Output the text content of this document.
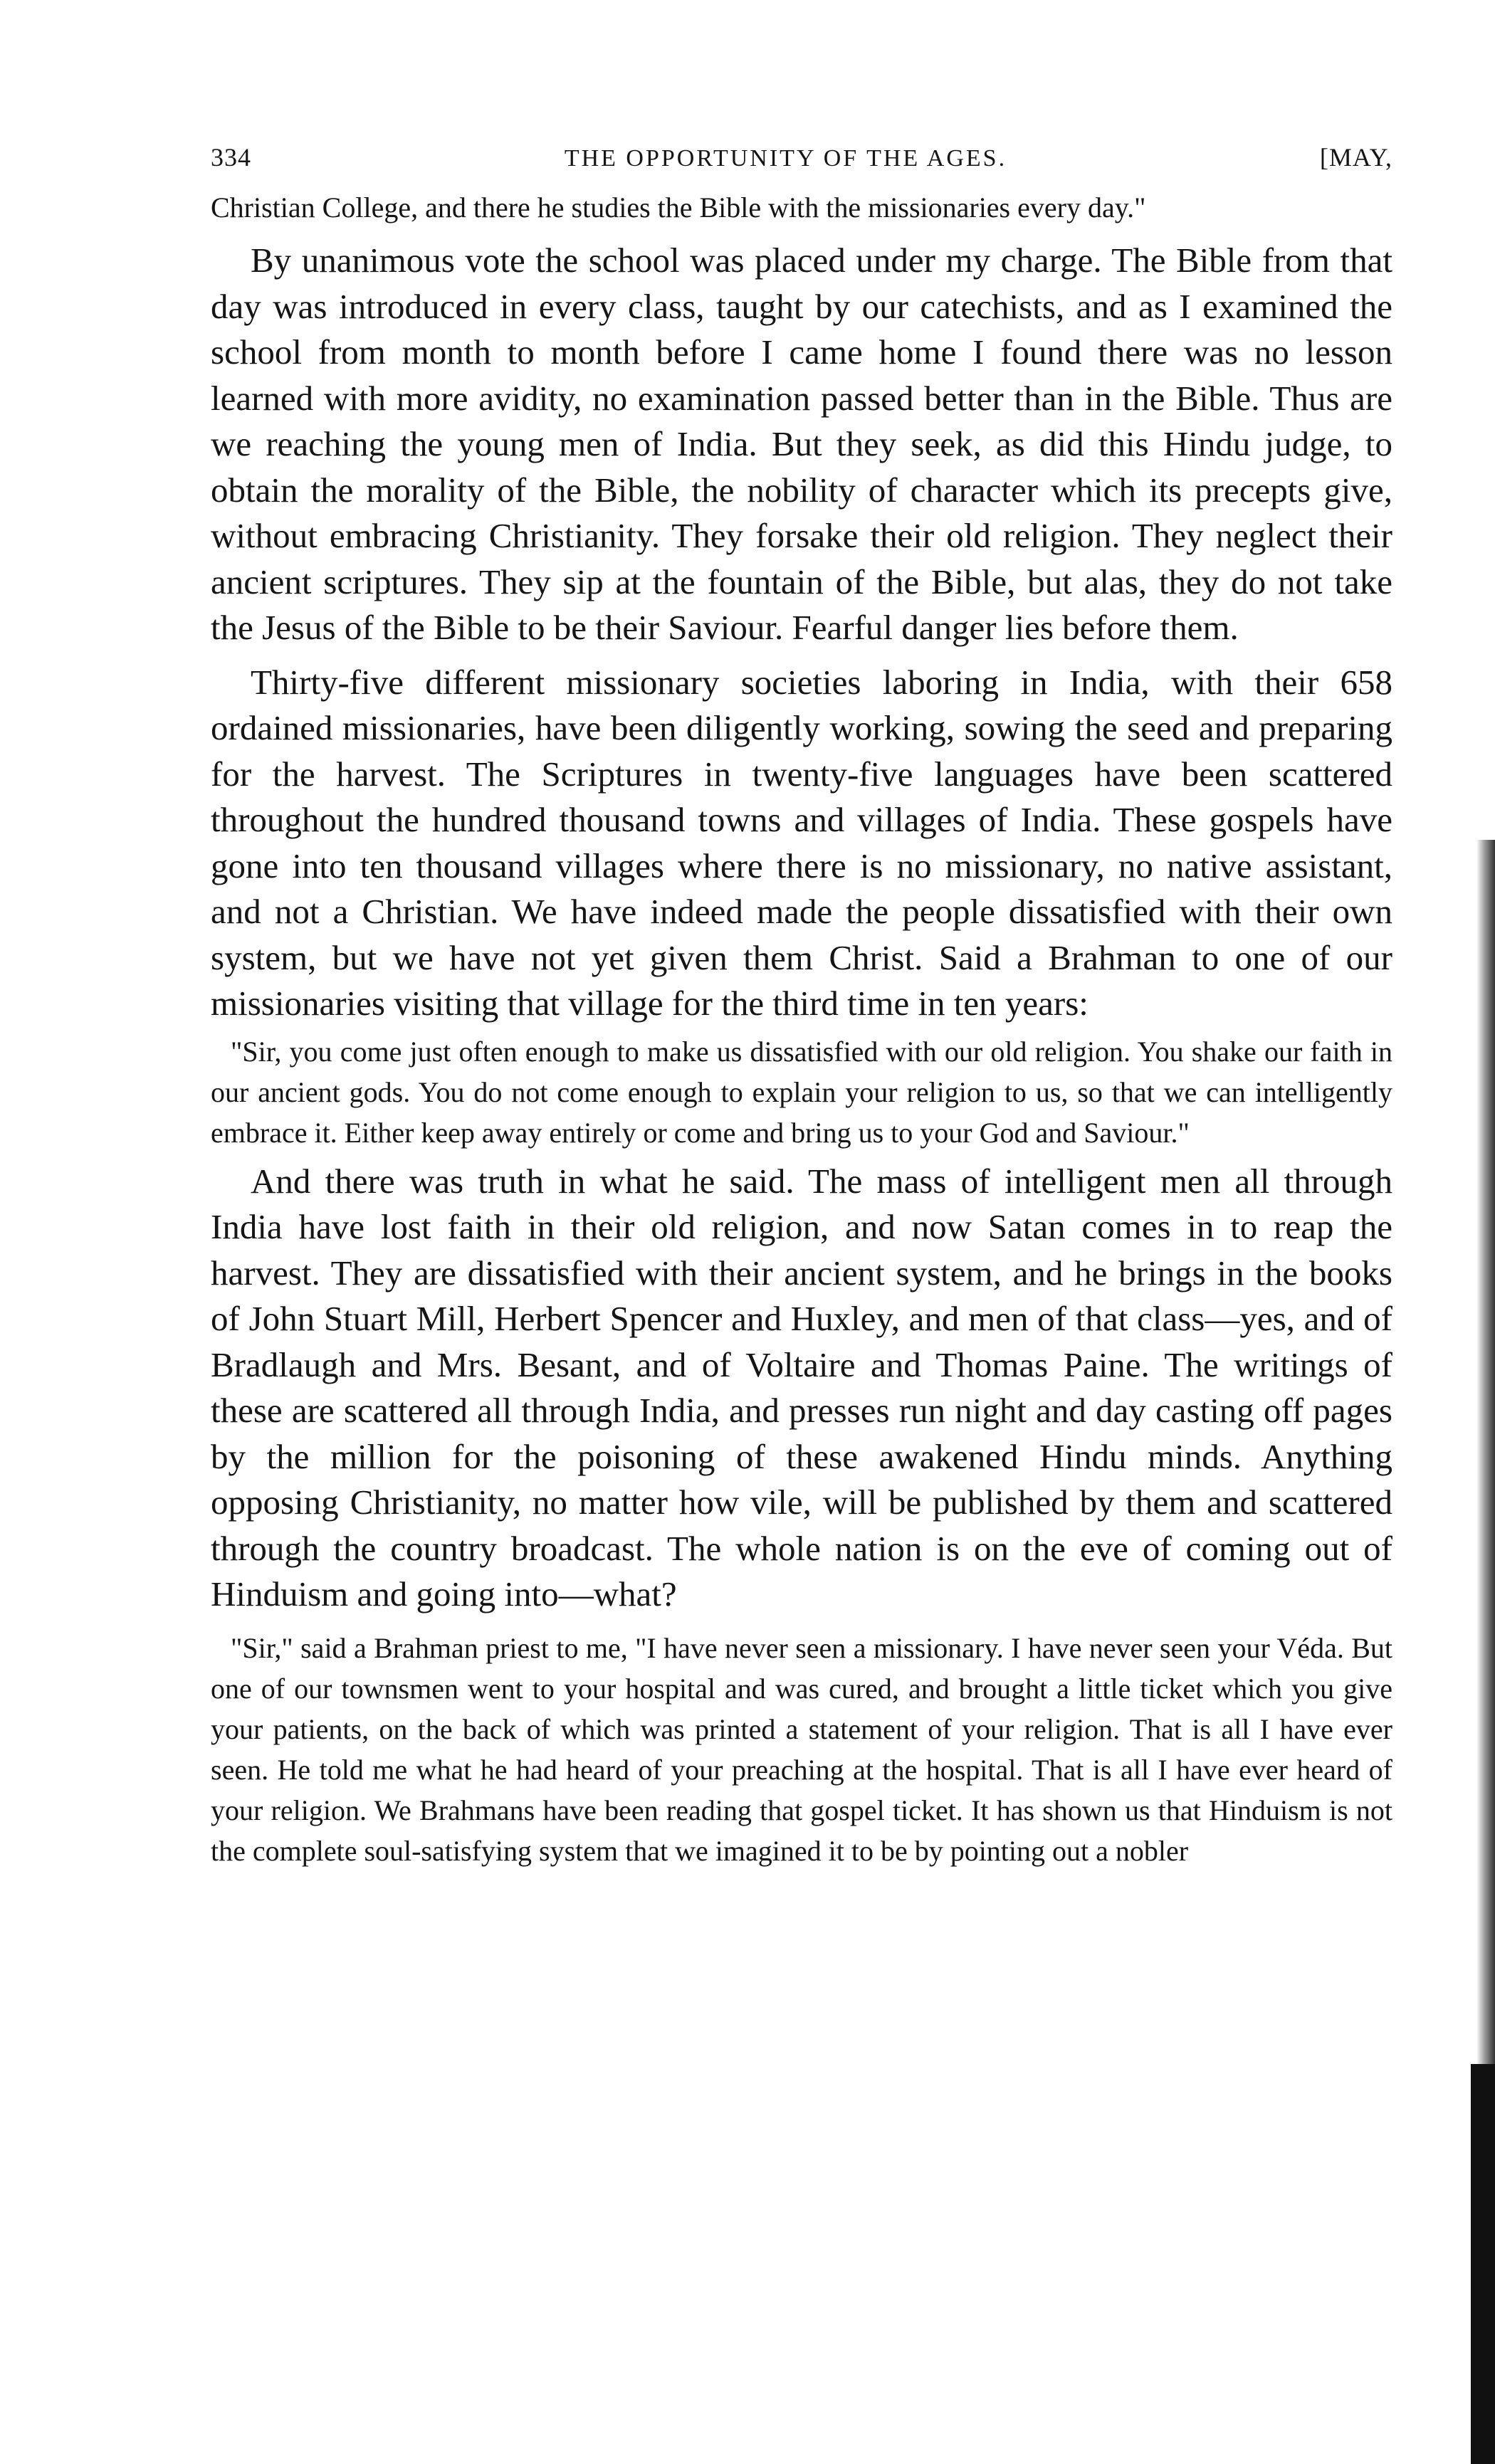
334	THE OPPORTUNITY OF THE AGES.	[MAY,

Christian College, and there he studies the Bible with the missionaries every day."

By unanimous vote the school was placed under my charge. The Bible from that day was introduced in every class, taught by our catechists, and as I examined the school from month to month before I came home I found there was no lesson learned with more avidity, no examination passed better than in the Bible. Thus are we reaching the young men of India. But they seek, as did this Hindu judge, to obtain the morality of the Bible, the nobility of character which its precepts give, without embracing Christianity. They forsake their old religion. They neglect their ancient scriptures. They sip at the fountain of the Bible, but alas, they do not take the Jesus of the Bible to be their Saviour. Fearful danger lies before them.

Thirty-five different missionary societies laboring in India, with their 658 ordained missionaries, have been diligently working, sowing the seed and preparing for the harvest. The Scriptures in twenty-five languages have been scattered throughout the hundred thousand towns and villages of India. These gospels have gone into ten thousand villages where there is no missionary, no native assistant, and not a Christian. We have indeed made the people dissatisfied with their own system, but we have not yet given them Christ. Said a Brahman to one of our missionaries visiting that village for the third time in ten years:

"Sir, you come just often enough to make us dissatisfied with our old religion. You shake our faith in our ancient gods. You do not come enough to explain your religion to us, so that we can intelligently embrace it. Either keep away entirely or come and bring us to your God and Saviour."

And there was truth in what he said. The mass of intelligent men all through India have lost faith in their old religion, and now Satan comes in to reap the harvest. They are dissatisfied with their ancient system, and he brings in the books of John Stuart Mill, Herbert Spencer and Huxley, and men of that class—yes, and of Bradlaugh and Mrs. Besant, and of Voltaire and Thomas Paine. The writings of these are scattered all through India, and presses run night and day casting off pages by the million for the poisoning of these awakened Hindu minds. Anything opposing Christianity, no matter how vile, will be published by them and scattered through the country broadcast. The whole nation is on the eve of coming out of Hinduism and going into—what?

"Sir," said a Brahman priest to me, "I have never seen a missionary. I have never seen your Véda. But one of our townsmen went to your hospital and was cured, and brought a little ticket which you give your patients, on the back of which was printed a statement of your religion. That is all I have ever seen. He told me what he had heard of your preaching at the hospital. That is all I have ever heard of your religion. We Brahmans have been reading that gospel ticket. It has shown us that Hinduism is not the complete soul-satisfying system that we imagined it to be by pointing out a nobler
